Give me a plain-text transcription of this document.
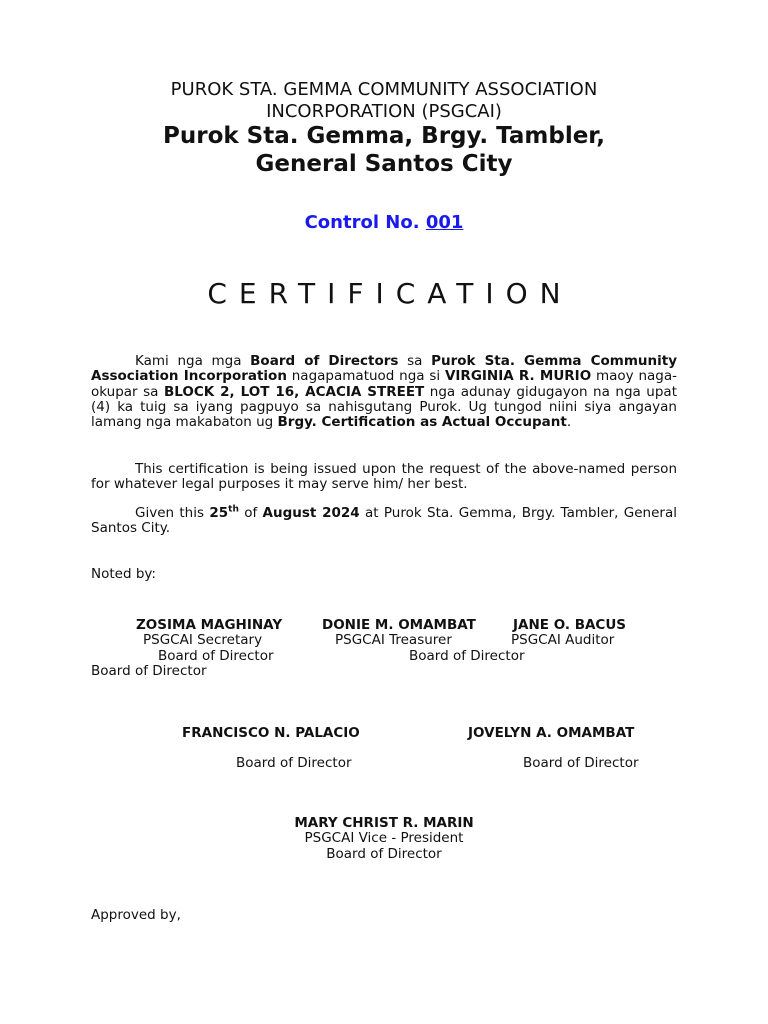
PUROK STA. GEMMA COMMUNITY ASSOCIATION
INCORPORATION (PSGCAI)
Purok Sta. Gemma, Brgy. Tambler,
General Santos City
Control No. 001
CERTIFICATION
Kami nga mga Board of Directors sa Purok Sta. Gemma Community Association Incorporation nagapamatuod nga si VIRGINIA R. MURIO maoy naga-okupar sa BLOCK 2, LOT 16, ACACIA STREET nga adunay gidugayon na nga upat (4) ka tuig sa iyang pagpuyo sa nahisgutang Purok. Ug tungod niini siya angayan lamang nga makabaton ug Brgy. Certification as Actual Occupant.
This certification is being issued upon the request of the above-named person for whatever legal purposes it may serve him/ her best.
Given this 25th of August 2024 at Purok Sta. Gemma, Brgy. Tambler, General Santos City.
Noted by:
ZOSIMA MAGHINAY	DONIE M. OMAMBAT	JANE O. BACUS
PSGCAI Secretary	PSGCAI Treasurer	PSGCAI Auditor
Board of Director	Board of Director
Board of Director
FRANCISCO N. PALACIO	JOVELYN A. OMAMBAT
Board of Director	Board of Director
MARY CHRIST R. MARIN
PSGCAI Vice - President
Board of Director
Approved by,
